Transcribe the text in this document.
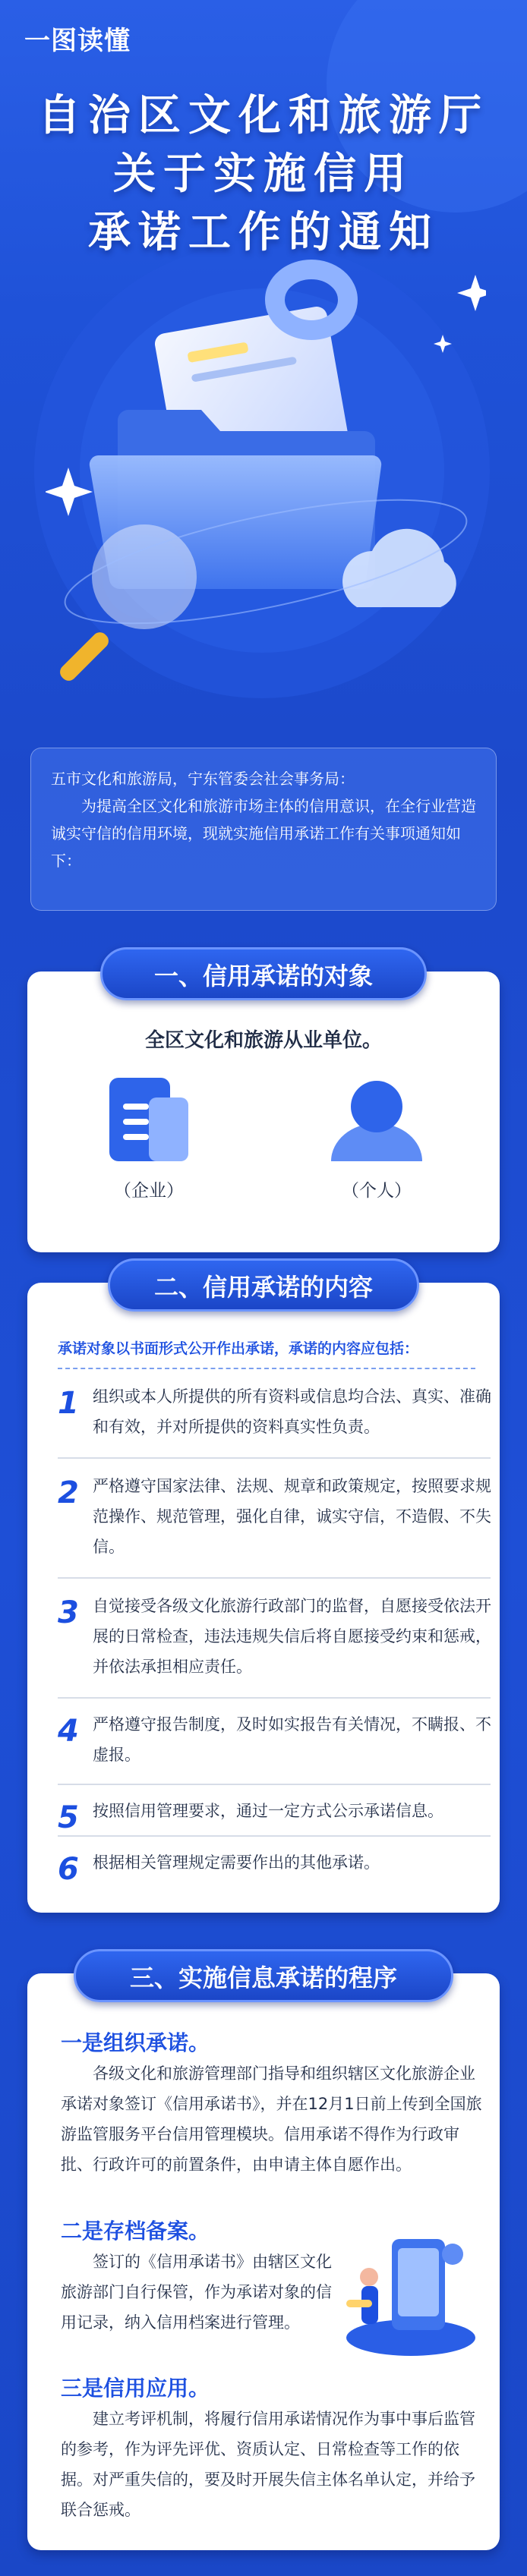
一图读懂
自治区文化和旅游厅
关于实施信用
承诺工作的通知

五市文化和旅游局，宁东管委会社会事务局：

为提高全区文化和旅游市场主体的信用意识，在全行业营造诚实守信的信用环境，现就实施信用承诺工作有关事项通知如下：

全区文化和旅游从业单位。
（企业）	（个人）
一、信用承诺的对象
承诺对象以书面形式公开作出承诺，承诺的内容应包括：
1 组织或本人所提供的所有资料或信息均合法、真实、准确和有效，并对所提供的资料真实性负责。
2 严格遵守国家法律、法规、规章和政策规定，按照要求规范操作、规范管理，强化自律，诚实守信，不造假、不失信。
3 自觉接受各级文化旅游行政部门的监督，自愿接受依法开展的日常检查，违法违规失信后将自愿接受约束和惩戒，并依法承担相应责任。
4 严格遵守报告制度，及时如实报告有关情况，不瞒报、不虚报。
5 按照信用管理要求，通过一定方式公示承诺信息。
6 根据相关管理规定需要作出的其他承诺。
二、信用承诺的内容
一是组织承诺。
各级文化和旅游管理部门指导和组织辖区文化旅游企业承诺对象签订《信用承诺书》，并在12月1日前上传到全国旅游监管服务平台信用管理模块。信用承诺不得作为行政审批、行政许可的前置条件，由申请主体自愿作出。
二是存档备案。
签订的《信用承诺书》由辖区文化旅游部门自行保管，作为承诺对象的信用记录，纳入信用档案进行管理。
三是信用应用。
建立考评机制，将履行信用承诺情况作为事中事后监管的参考，作为评先评优、资质认定、日常检查等工作的依据。对严重失信的，要及时开展失信主体名单认定，并给予联合惩戒。
三、实施信息承诺的程序
